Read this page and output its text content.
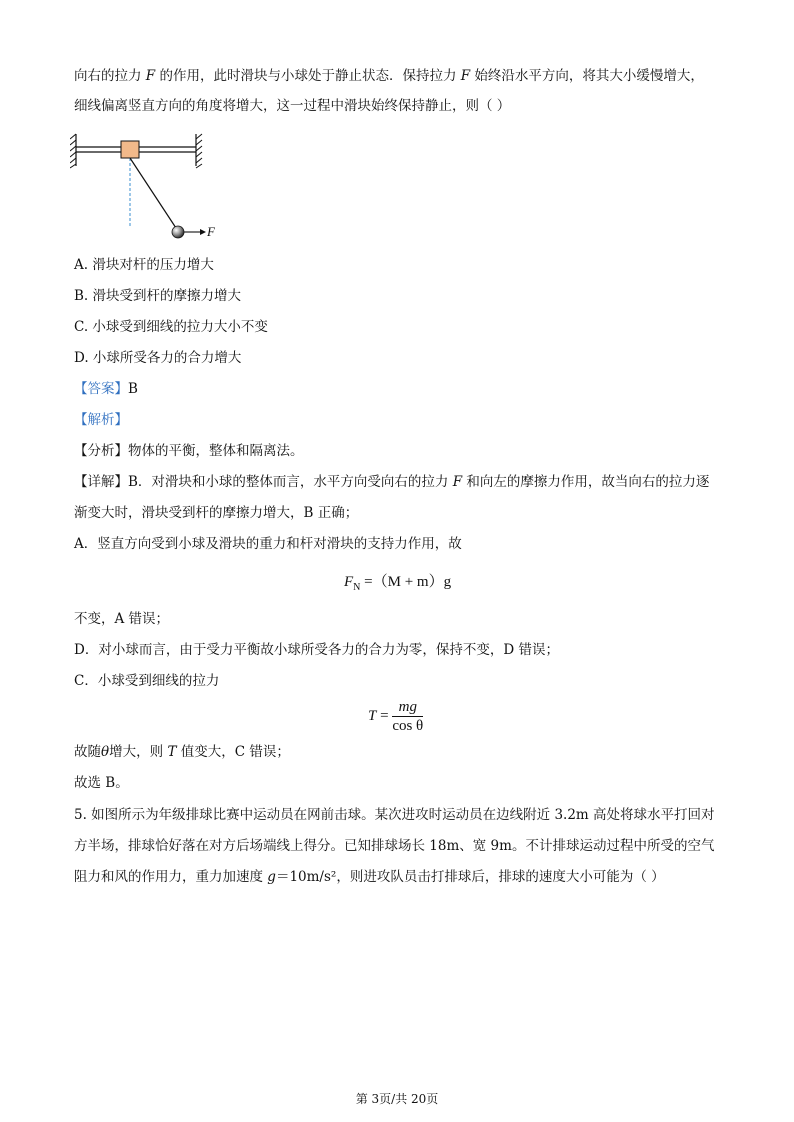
向右的拉力 F 的作用，此时滑块与小球处于静止状态．保持拉力 F 始终沿水平方向，将其大小缓慢增大，
细线偏离竖直方向的角度将增大，这一过程中滑块始终保持静止，则（ ）
F
A. 滑块对杆的压力增大
B. 滑块受到杆的摩擦力增大
C. 小球受到细线的拉力大小不变
D. 小球所受各力的合力增大
【答案】B
【解析】
【分析】物体的平衡，整体和隔离法。
【详解】B．对滑块和小球的整体而言，水平方向受向右的拉力 F 和向左的摩擦力作用，故当向右的拉力逐
渐变大时，滑块受到杆的摩擦力增大，B 正确；
A．竖直方向受到小球及滑块的重力和杆对滑块的支持力作用，故
$F_N =(M + m)g$
不变，A 错误；
D．对小球而言，由于受力平衡故小球所受各力的合力为零，保持不变，D 错误；
C．小球受到细线的拉力
$T = \frac{mg}{\text{cos θ}}$
故随θ增大，则 T 值变大，C 错误；
故选 B。
5. 如图所示为年级排球比赛中运动员在网前击球。某次进攻时运动员在边线附近 3.2m 高处将球水平打回对
方半场，排球恰好落在对方后场端线上得分。已知排球场长 18m、宽 9m。不计排球运动过程中所受的空气
阻力和风的作用力，重力加速度 g＝10m/s²，则进攻队员击打排球后，排球的速度大小可能为（ ）
第 3页/共 20页
